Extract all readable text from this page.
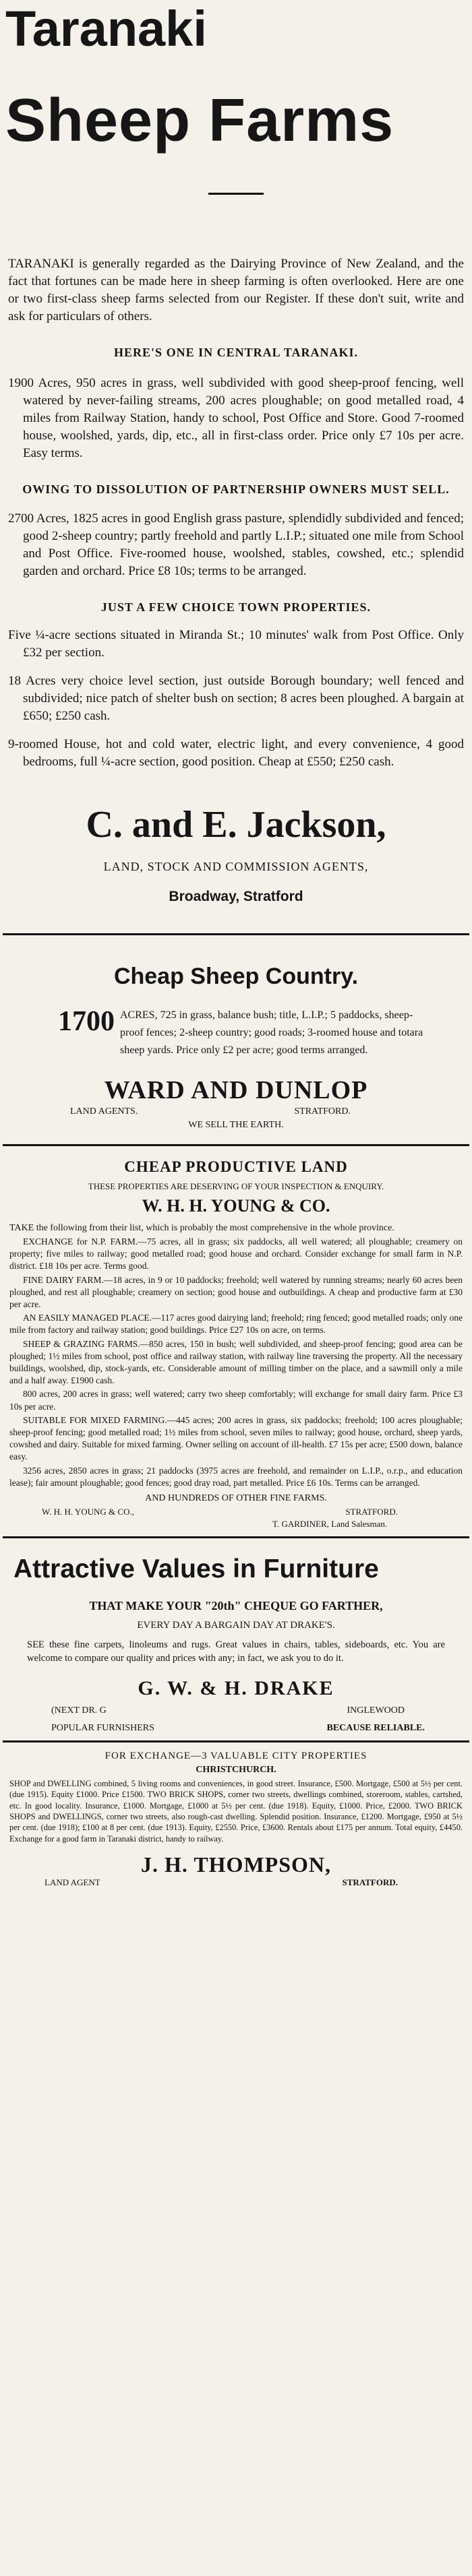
Taranaki
Sheep Farms

TARANAKI is generally regarded as the Dairying Province of New Zealand, and the fact that fortunes can be made here in sheep farming is often overlooked. Here are one or two first-class sheep farms selected from our Register. If these don't suit, write and ask for particulars of others.

HERE'S ONE IN CENTRAL TARANAKI.

1900 Acres, 950 acres in grass, well subdivided with good sheep-proof fencing, well watered by never-failing streams, 200 acres ploughable; on good metalled road, 4 miles from Railway Station, handy to school, Post Office and Store. Good 7-roomed house, woolshed, yards, dip, etc., all in first-class order. Price only £7 10s per acre. Easy terms.

OWING TO DISSOLUTION OF PARTNERSHIP OWNERS MUST SELL.

2700 Acres, 1825 acres in good English grass pasture, splendidly subdivided and fenced; good 2-sheep country; partly freehold and partly L.I.P.; situated one mile from School and Post Office. Five-roomed house, woolshed, stables, cowshed, etc.; splendid garden and orchard. Price £8 10s; terms to be arranged.

JUST A FEW CHOICE TOWN PROPERTIES.

Five ¼-acre sections situated in Miranda St.; 10 minutes' walk from Post Office. Only £32 per section.

18 Acres very choice level section, just outside Borough boundary; well fenced and subdivided; nice patch of shelter bush on section; 8 acres been ploughed. A bargain at £650; £250 cash.

9-roomed House, hot and cold water, electric light, and every convenience, 4 good bedrooms, full ¼-acre section, good position. Cheap at £550; £250 cash.

C. and E. Jackson,
LAND, STOCK AND COMMISSION AGENTS,
Broadway, Stratford
Cheap Sheep Country.
1700 ACRES, 725 in grass, balance bush; title, L.I.P.; 5 paddocks, sheep-proof fences; 2-sheep country; good roads; 3-roomed house and totara sheep yards. Price only £2 per acre; good terms arranged.
WARD AND DUNLOP
LAND AGENTS.	STRATFORD.
WE SELL THE EARTH.
CHEAP PRODUCTIVE LAND
THESE PROPERTIES ARE DESERVING OF YOUR INSPECTION & ENQUIRY.
W. H. H. YOUNG & CO.

TAKE the following from their list, which is probably the most comprehensive in the whole province.

EXCHANGE for N.P. FARM.—75 acres, all in grass; six paddocks, all well watered; all ploughable; creamery on property; five miles to railway; good metalled road; good house and orchard. Consider exchange for small farm in N.P. district. £18 10s per acre. Terms good.

FINE DAIRY FARM.—18 acres, in 9 or 10 paddocks; freehold; well watered by running streams; nearly 60 acres been ploughed, and rest all ploughable; creamery on section; good house and outbuildings. A cheap and productive farm at £30 per acre.

AN EASILY MANAGED PLACE.—117 acres good dairying land; freehold; ring fenced; good metalled roads; only one mile from factory and railway station; good buildings. Price £27 10s on acre, on terms.

SHEEP & GRAZING FARMS.—850 acres, 150 in bush; well subdivided, and sheep-proof fencing; good area can be ploughed; 1½ miles from school, post office and railway station, with railway line traversing the property. All the necessary buildings, woolshed, dip, stock-yards, etc. Considerable amount of milling timber on the place, and a sawmill only a mile and a half away. £1900 cash.

800 acres, 200 acres in grass; well watered; carry two sheep comfortably; will exchange for small dairy farm. Price £3 10s per acre.

SUITABLE FOR MIXED FARMING.—445 acres; 200 acres in grass, six paddocks; freehold; 100 acres ploughable; sheep-proof fencing; good metalled road; 1½ miles from school, seven miles to railway; good house, orchard, sheep yards, cowshed and dairy. Suitable for mixed farming. Owner selling on account of ill-health. £7 15s per acre; £500 down, balance easy.

3256 acres, 2850 acres in grass; 21 paddocks (3975 acres are freehold, and remainder on L.I.P., o.r.p., and education lease); fair amount ploughable; good fences; good dray road, part metalled. Price £6 10s. Terms can be arranged.

AND HUNDREDS OF OTHER FINE FARMS.
W. H. H. YOUNG & CO.,	STRATFORD.
T. GARDINER, Land Salesman.
Attractive Values in Furniture
THAT MAKE YOUR "20th" CHEQUE GO FARTHER,
EVERY DAY A BARGAIN DAY AT DRAKE'S.

SEE these fine carpets, linoleums and rugs. Great values in chairs, tables, sideboards, etc. You are welcome to compare our quality and prices with any; in fact, we ask you to do it.

G. W. & H. DRAKE
(NEXT DR. G	INGLEWOOD
POPULAR FURNISHERS	BECAUSE RELIABLE.
FOR EXCHANGE—3 VALUABLE CITY PROPERTIES
CHRISTCHURCH.

SHOP and DWELLING combined, 5 living rooms and conveniences, in good street. Insurance, £500. Mortgage, £500 at 5½ per cent. (due 1915). Equity £1000. Price £1500. TWO BRICK SHOPS, corner two streets, dwellings combined, storeroom, stables, cartshed, etc. In good locality. Insurance, £1000. Mortgage, £1000 at 5½ per cent. (due 1918). Equity, £1000. Price, £2000. TWO BRICK SHOPS and DWELLINGS, corner two streets, also rough-cast dwelling. Splendid position. Insurance, £1200. Mortgage, £950 at 5½ per cent. (due 1918); £100 at 8 per cent. (due 1913). Equity, £2550. Price, £3600. Rentals about £175 per annum. Total equity, £4450. Exchange for a good farm in Taranaki district, handy to railway.

J. H. THOMPSON,
LAND AGENT	STRATFORD.
